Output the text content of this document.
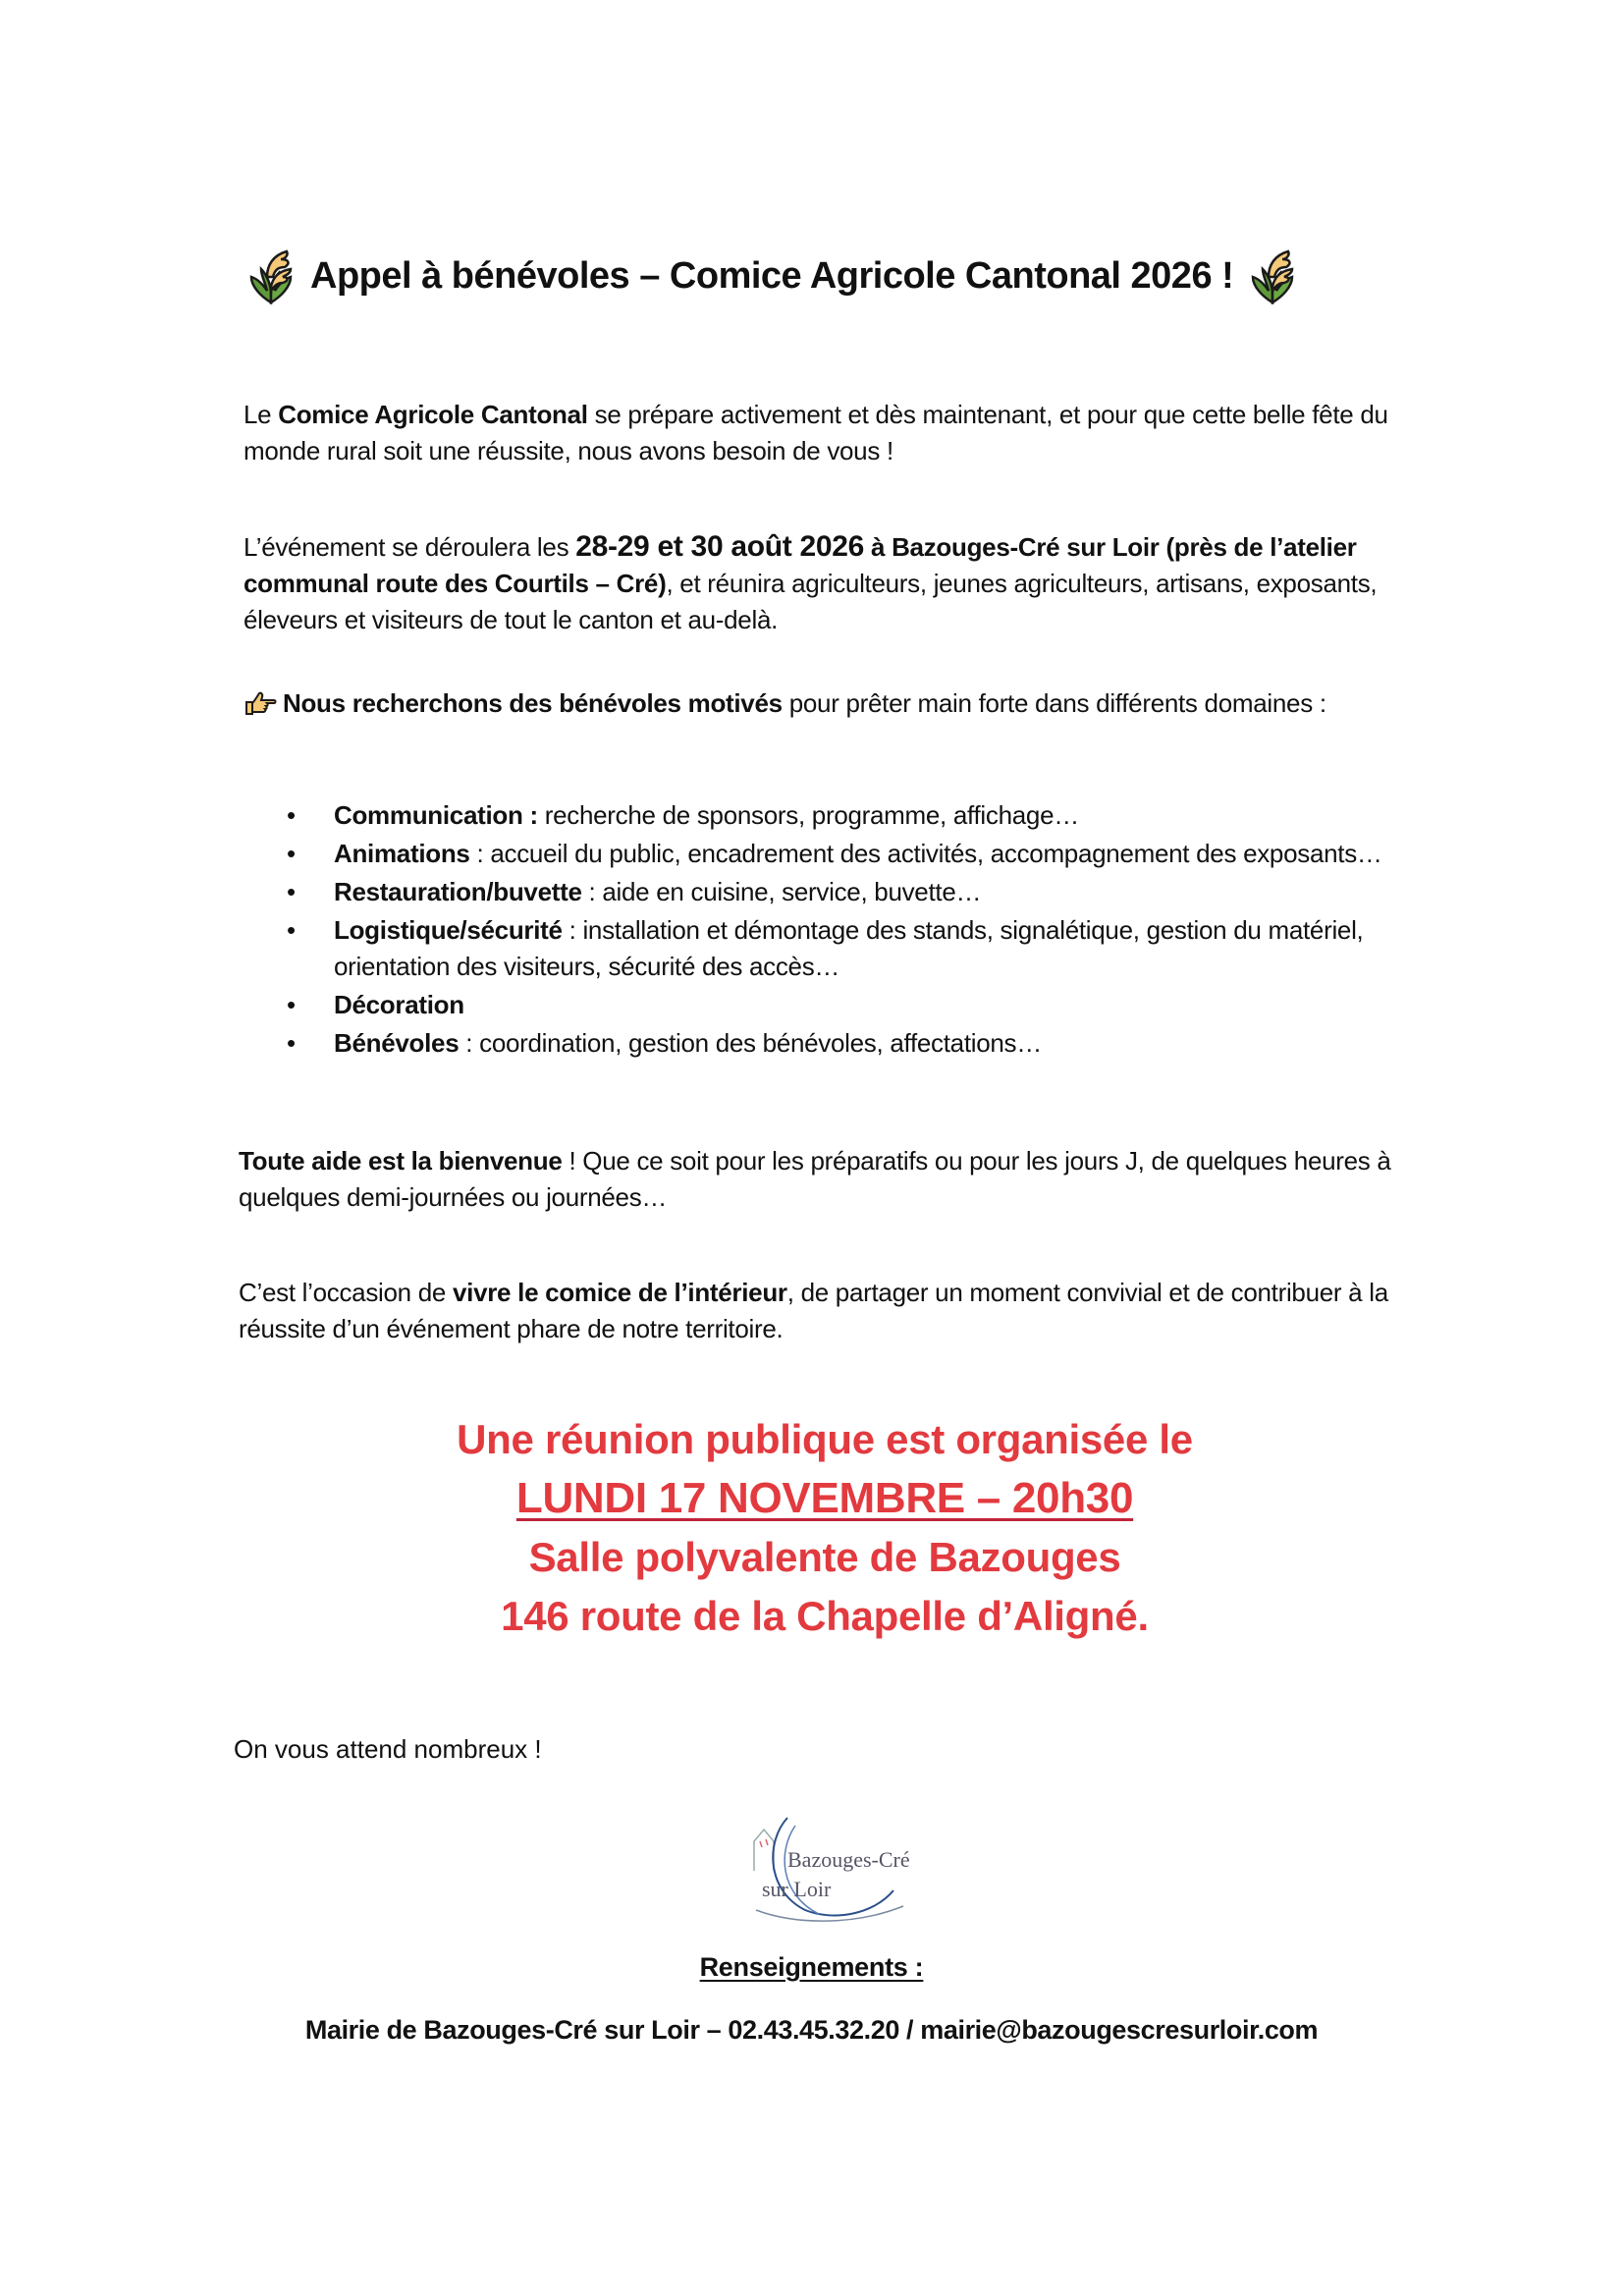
Appel à bénévoles – Comice Agricole Cantonal 2026 !

Le Comice Agricole Cantonal se prépare activement et dès maintenant, et pour que cette belle fête du monde rural soit une réussite, nous avons besoin de vous !

L’événement se déroulera les 28-29 et 30 août 2026 à Bazouges-Cré sur Loir (près de l’atelier communal route des Courtils – Cré), et réunira agriculteurs, jeunes agriculteurs, artisans, exposants, éleveurs et visiteurs de tout le canton et au-delà.

Nous recherchons des bénévoles motivés pour prêter main forte dans différents domaines :

• Communication : recherche de sponsors, programme, affichage…
• Animations : accueil du public, encadrement des activités, accompagnement des exposants…
• Restauration/buvette : aide en cuisine, service, buvette…
• Logistique/sécurité : installation et démontage des stands, signalétique, gestion du matériel, orientation des visiteurs, sécurité des accès…
• Décoration
• Bénévoles : coordination, gestion des bénévoles, affectations…

Toute aide est la bienvenue ! Que ce soit pour les préparatifs ou pour les jours J, de quelques heures à quelques demi-journées ou journées…

C’est l’occasion de vivre le comice de l’intérieur, de partager un moment convivial et de contribuer à la réussite d’un événement phare de notre territoire.

Une réunion publique est organisée le
LUNDI 17 NOVEMBRE – 20h30
Salle polyvalente de Bazouges
146 route de la Chapelle d’Aligné.
On vous attend nombreux !
Bazouges-Cré
sur Loir
Renseignements :
Mairie de Bazouges-Cré sur Loir – 02.43.45.32.20 / mairie@bazougescresurloir.com
